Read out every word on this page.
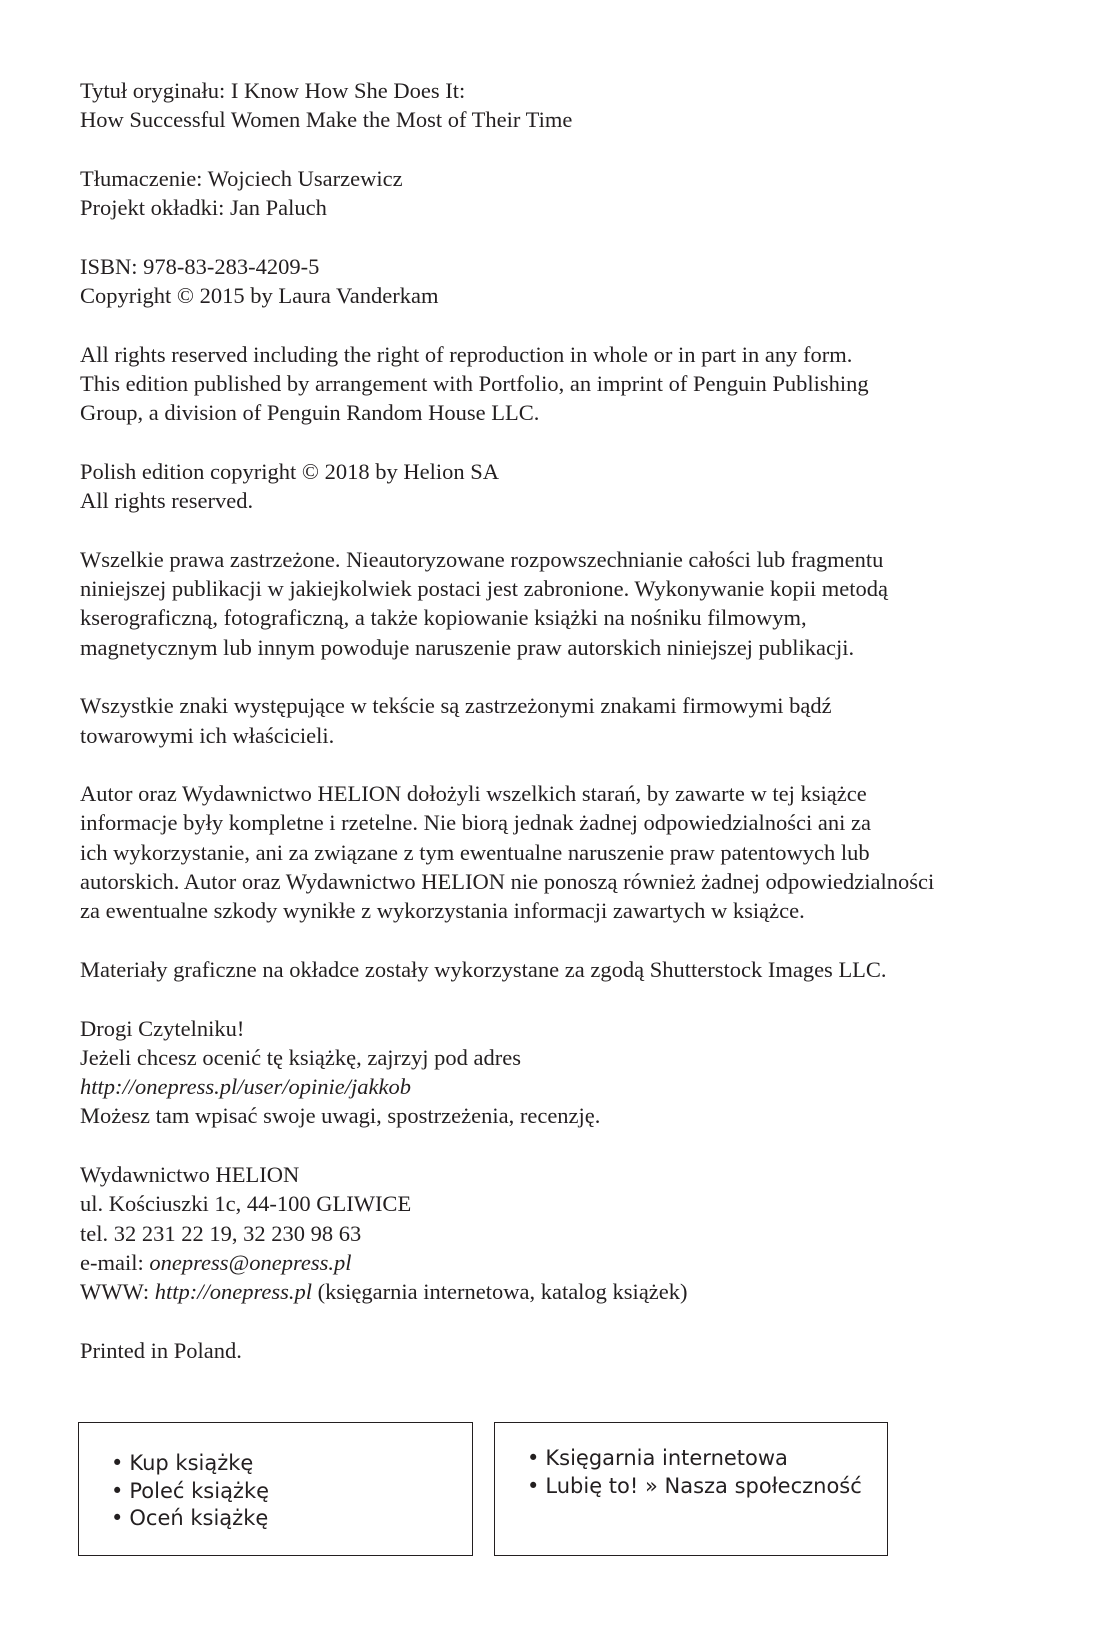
Tytuł oryginału: I Know How She Does It:
How Successful Women Make the Most of Their Time
Tłumaczenie: Wojciech Usarzewicz
Projekt okładki: Jan Paluch
ISBN: 978-83-283-4209-5
Copyright © 2015 by Laura Vanderkam
All rights reserved including the right of reproduction in whole or in part in any form.
This edition published by arrangement with Portfolio, an imprint of Penguin Publishing
Group, a division of Penguin Random House LLC.
Polish edition copyright © 2018 by Helion SA
All rights reserved.
Wszelkie prawa zastrzeżone. Nieautoryzowane rozpowszechnianie całości lub fragmentu
niniejszej publikacji w jakiejkolwiek postaci jest zabronione. Wykonywanie kopii metodą
kserograficzną, fotograficzną, a także kopiowanie książki na nośniku filmowym,
magnetycznym lub innym powoduje naruszenie praw autorskich niniejszej publikacji.
Wszystkie znaki występujące w tekście są zastrzeżonymi znakami firmowymi bądź
towarowymi ich właścicieli.
Autor oraz Wydawnictwo HELION dołożyli wszelkich starań, by zawarte w tej książce
informacje były kompletne i rzetelne. Nie biorą jednak żadnej odpowiedzialności ani za
ich wykorzystanie, ani za związane z tym ewentualne naruszenie praw patentowych lub
autorskich. Autor oraz Wydawnictwo HELION nie ponoszą również żadnej odpowiedzialności
za ewentualne szkody wynikłe z wykorzystania informacji zawartych w książce.
Materiały graficzne na okładce zostały wykorzystane za zgodą Shutterstock Images LLC.
Drogi Czytelniku!
Jeżeli chcesz ocenić tę książkę, zajrzyj pod adres
http://onepress.pl/user/opinie/jakkob
Możesz tam wpisać swoje uwagi, spostrzeżenia, recenzję.
Wydawnictwo HELION
ul. Kościuszki 1c, 44-100 GLIWICE
tel. 32 231 22 19, 32 230 98 63
e-mail: onepress@onepress.pl
WWW: http://onepress.pl (księgarnia internetowa, katalog książek)
Printed in Poland.
• Kup książkę
• Poleć książkę
• Oceń książkę
• Księgarnia internetowa
• Lubię to! » Nasza społeczność
